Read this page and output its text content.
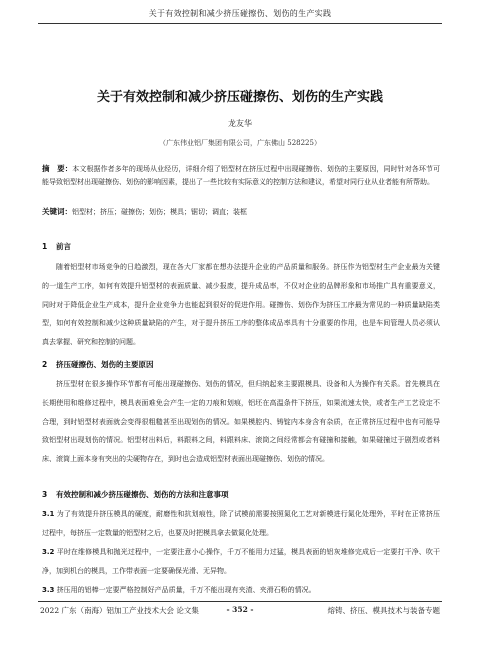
关于有效控制和减少挤压碰擦伤、划伤的生产实践
关于有效控制和减少挤压碰擦伤、划伤的生产实践
龙友华
（广东伟业铝厂集团有限公司，广东佛山 528225）
摘　要：本文根据作者多年的现场从业经历，详细介绍了铝型材在挤压过程中出现碰擦伤、划伤的主要原因，同时针对各环节可能导致铝型材出现碰擦伤、划伤的影响因素，提出了一些比较有实际意义的控制方法和建议，希望对同行业从业者能有所帮助。
关键词：铝型材；挤压；碰擦伤；划伤；模具；锯切；调直；装框
1 前言
随着铝型材市场竞争的日趋激烈，现在各大厂家都在想办法提升企业的产品质量和服务。挤压作为铝型材生产企业最为关键的一道生产工序，如何有效提升铝型材的表面质量、减少报废，提升成品率，不仅对企业的品牌形象和市场推广具有重要意义，同时对于降低企业生产成本，提升企业竞争力也能起到很好的促进作用。碰擦伤、划伤作为挤压工序最为常见的一种质量缺陷类型，如何有效控制和减少这种质量缺陷的产生，对于提升挤压工序的整体成品率具有十分重要的作用，也是车间管理人员必须认真去掌握、研究和控制的问题。
2 挤压碰擦伤、划伤的主要原因
挤压型材在很多操作环节都有可能出现碰擦伤、划伤的情况，但归纳起来主要跟模具、设备和人为操作有关系。首先模具在长期使用和维修过程中，模具表面难免会产生一定的刀痕和划痕，铝坯在高温条件下挤压，如果流速太快，或者生产工艺设定不合理，到时铝型材表面就会变得很粗糙甚至出现划伤的情况。如果模腔内、铸锭内本身含有杂质，在正常挤压过程中也有可能导致铝型材出现划伤的情况。铝型材出料后，料跟料之间，料跟料床、滚筒之间经常都会有碰撞和接触，如果碰撞过于剧烈或者料床、滚筒上面本身有突出的尖硬物存在，到时也会造成铝型材表面出现碰擦伤、划伤的情况。
3 有效控制和减少挤压碰擦伤、划伤的方法和注意事项
3.1 为了有效提升挤压模具的硬度，耐磨性和抗划痕性，除了试模前需要按照氮化工艺对新模进行氮化处理外，平时在正常挤压过程中，每挤压一定数量的铝型材之后，也要及时把模具拿去做氮化处理。
3.2 平时在维修模具和抛光过程中，一定要注意小心操作，千万不能用力过猛，模具表面的铝灰堆修完成后一定要打干净、吹干净，加到机台的模具，工作带表面一定要确保光滑、无异物。
3.3 挤压用的铝棒一定要严格控制好产品质量，千万不能出现有夹渣、夹滑石粉的情况。
2022 广东（南海）铝加工产业技术大会 论文集	- 352 -	熔铸、挤压、模具技术与装备专题
